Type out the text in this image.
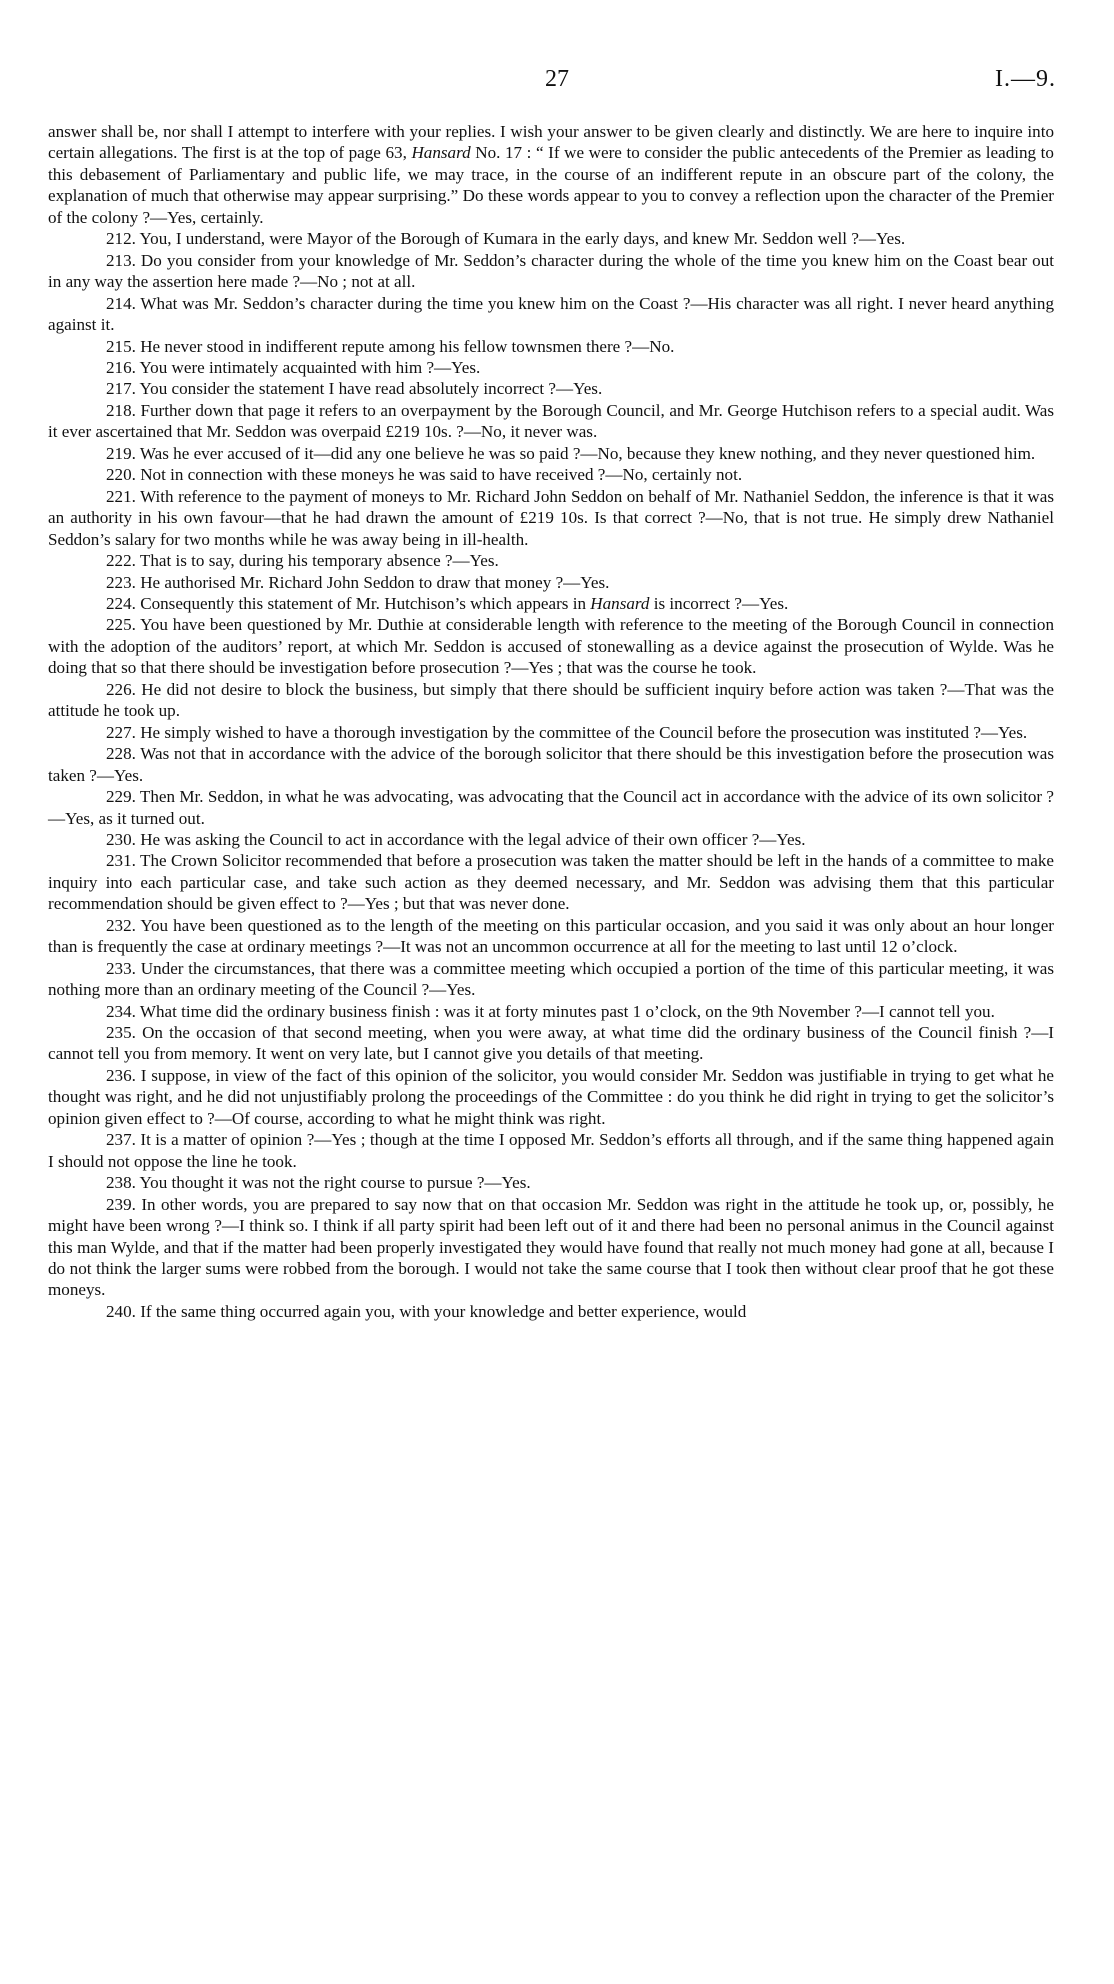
27	I.—9.

answer shall be, nor shall I attempt to interfere with your replies. I wish your answer to be given clearly and distinctly. We are here to inquire into certain allegations. The first is at the top of page 63, Hansard No. 17 : “ If we were to consider the public antecedents of the Premier as leading to this debasement of Parliamentary and public life, we may trace, in the course of an indifferent repute in an obscure part of the colony, the explanation of much that otherwise may appear surprising.” Do these words appear to you to convey a reflection upon the character of the Premier of the colony ?—Yes, certainly.

212. You, I understand, were Mayor of the Borough of Kumara in the early days, and knew Mr. Seddon well ?—Yes.

213. Do you consider from your knowledge of Mr. Seddon’s character during the whole of the time you knew him on the Coast bear out in any way the assertion here made ?—No ; not at all.

214. What was Mr. Seddon’s character during the time you knew him on the Coast ?—His character was all right. I never heard anything against it.

215. He never stood in indifferent repute among his fellow townsmen there ?—No.

216. You were intimately acquainted with him ?—Yes.

217. You consider the statement I have read absolutely incorrect ?—Yes.

218. Further down that page it refers to an overpayment by the Borough Council, and Mr. George Hutchison refers to a special audit. Was it ever ascertained that Mr. Seddon was overpaid £219 10s. ?—No, it never was.

219. Was he ever accused of it—did any one believe he was so paid ?—No, because they knew nothing, and they never questioned him.

220. Not in connection with these moneys he was said to have received ?—No, certainly not.

221. With reference to the payment of moneys to Mr. Richard John Seddon on behalf of Mr. Nathaniel Seddon, the inference is that it was an authority in his own favour—that he had drawn the amount of £219 10s. Is that correct ?—No, that is not true. He simply drew Nathaniel Seddon’s salary for two months while he was away being in ill-health.

222. That is to say, during his temporary absence ?—Yes.

223. He authorised Mr. Richard John Seddon to draw that money ?—Yes.

224. Consequently this statement of Mr. Hutchison’s which appears in Hansard is incorrect ?—Yes.

225. You have been questioned by Mr. Duthie at considerable length with reference to the meeting of the Borough Council in connection with the adoption of the auditors’ report, at which Mr. Seddon is accused of stonewalling as a device against the prosecution of Wylde. Was he doing that so that there should be investigation before prosecution ?—Yes ; that was the course he took.

226. He did not desire to block the business, but simply that there should be sufficient inquiry before action was taken ?—That was the attitude he took up.

227. He simply wished to have a thorough investigation by the committee of the Council before the prosecution was instituted ?—Yes.

228. Was not that in accordance with the advice of the borough solicitor that there should be this investigation before the prosecution was taken ?—Yes.

229. Then Mr. Seddon, in what he was advocating, was advocating that the Council act in accordance with the advice of its own solicitor ?—Yes, as it turned out.

230. He was asking the Council to act in accordance with the legal advice of their own officer ?—Yes.

231. The Crown Solicitor recommended that before a prosecution was taken the matter should be left in the hands of a committee to make inquiry into each particular case, and take such action as they deemed necessary, and Mr. Seddon was advising them that this particular recommendation should be given effect to ?—Yes ; but that was never done.

232. You have been questioned as to the length of the meeting on this particular occasion, and you said it was only about an hour longer than is frequently the case at ordinary meetings ?—It was not an uncommon occurrence at all for the meeting to last until 12 o’clock.

233. Under the circumstances, that there was a committee meeting which occupied a portion of the time of this particular meeting, it was nothing more than an ordinary meeting of the Council ?—Yes.

234. What time did the ordinary business finish : was it at forty minutes past 1 o’clock, on the 9th November ?—I cannot tell you.

235. On the occasion of that second meeting, when you were away, at what time did the ordinary business of the Council finish ?—I cannot tell you from memory. It went on very late, but I cannot give you details of that meeting.

236. I suppose, in view of the fact of this opinion of the solicitor, you would consider Mr. Seddon was justifiable in trying to get what he thought was right, and he did not unjustifiably prolong the proceedings of the Committee : do you think he did right in trying to get the solicitor’s opinion given effect to ?—Of course, according to what he might think was right.

237. It is a matter of opinion ?—Yes ; though at the time I opposed Mr. Seddon’s efforts all through, and if the same thing happened again I should not oppose the line he took.

238. You thought it was not the right course to pursue ?—Yes.

239. In other words, you are prepared to say now that on that occasion Mr. Seddon was right in the attitude he took up, or, possibly, he might have been wrong ?—I think so. I think if all party spirit had been left out of it and there had been no personal animus in the Council against this man Wylde, and that if the matter had been properly investigated they would have found that really not much money had gone at all, because I do not think the larger sums were robbed from the borough. I would not take the same course that I took then without clear proof that he got these moneys.

240. If the same thing occurred again you, with your knowledge and better experience, would
